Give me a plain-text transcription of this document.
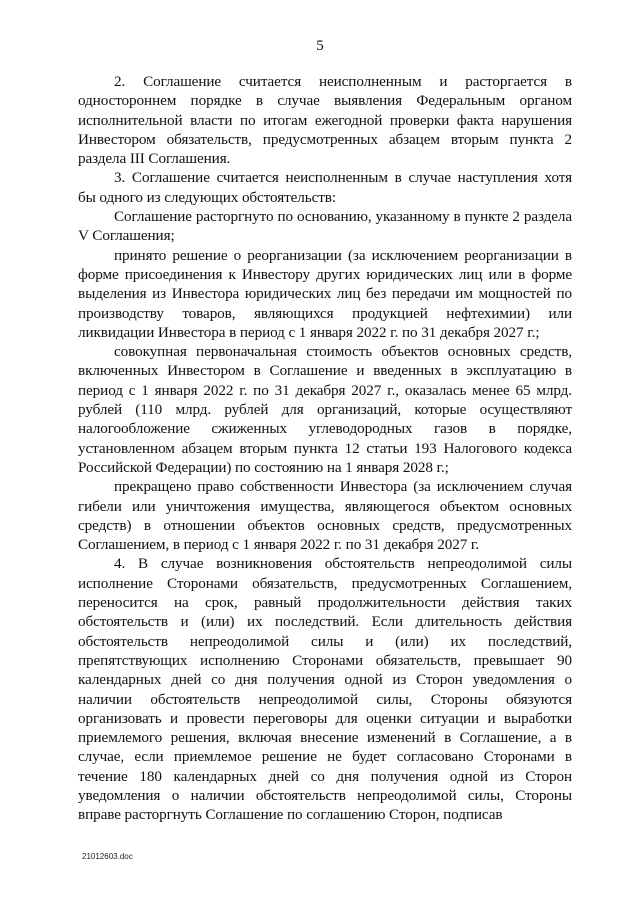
5

2. Соглашение считается неисполненным и расторгается в одностороннем порядке в случае выявления Федеральным органом исполнительной власти по итогам ежегодной проверки факта нарушения Инвестором обязательств, предусмотренных абзацем вторым пункта 2 раздела III Соглашения.

3. Соглашение считается неисполненным в случае наступления хотя бы одного из следующих обстоятельств:

Соглашение расторгнуто по основанию, указанному в пункте 2 раздела V Соглашения;

принято решение о реорганизации (за исключением реорганизации в форме присоединения к Инвестору других юридических лиц или в форме выделения из Инвестора юридических лиц без передачи им мощностей по производству товаров, являющихся продукцией нефтехимии) или ликвидации Инвестора в период с 1 января 2022 г. по 31 декабря 2027 г.;

совокупная первоначальная стоимость объектов основных средств, включенных Инвестором в Соглашение и введенных в эксплуатацию в период с 1 января 2022 г. по 31 декабря 2027 г., оказалась менее 65 млрд. рублей (110 млрд. рублей для организаций, которые осуществляют налогообложение сжиженных углеводородных газов в порядке, установленном абзацем вторым пункта 12 статьи 193 Налогового кодекса Российской Федерации) по состоянию на 1 января 2028 г.;

прекращено право собственности Инвестора (за исключением случая гибели или уничтожения имущества, являющегося объектом основных средств) в отношении объектов основных средств, предусмотренных Соглашением, в период с 1 января 2022 г. по 31 декабря 2027 г.

4. В случае возникновения обстоятельств непреодолимой силы исполнение Сторонами обязательств, предусмотренных Соглашением, переносится на срок, равный продолжительности действия таких обстоятельств и (или) их последствий. Если длительность действия обстоятельств непреодолимой силы и (или) их последствий, препятствующих исполнению Сторонами обязательств, превышает 90 календарных дней со дня получения одной из Сторон уведомления о наличии обстоятельств непреодолимой силы, Стороны обязуются организовать и провести переговоры для оценки ситуации и выработки приемлемого решения, включая внесение изменений в Соглашение, а в случае, если приемлемое решение не будет согласовано Сторонами в течение 180 календарных дней со дня получения одной из Сторон уведомления о наличии обстоятельств непреодолимой силы, Стороны вправе расторгнуть Соглашение по соглашению Сторон, подписав

21012603.doc
